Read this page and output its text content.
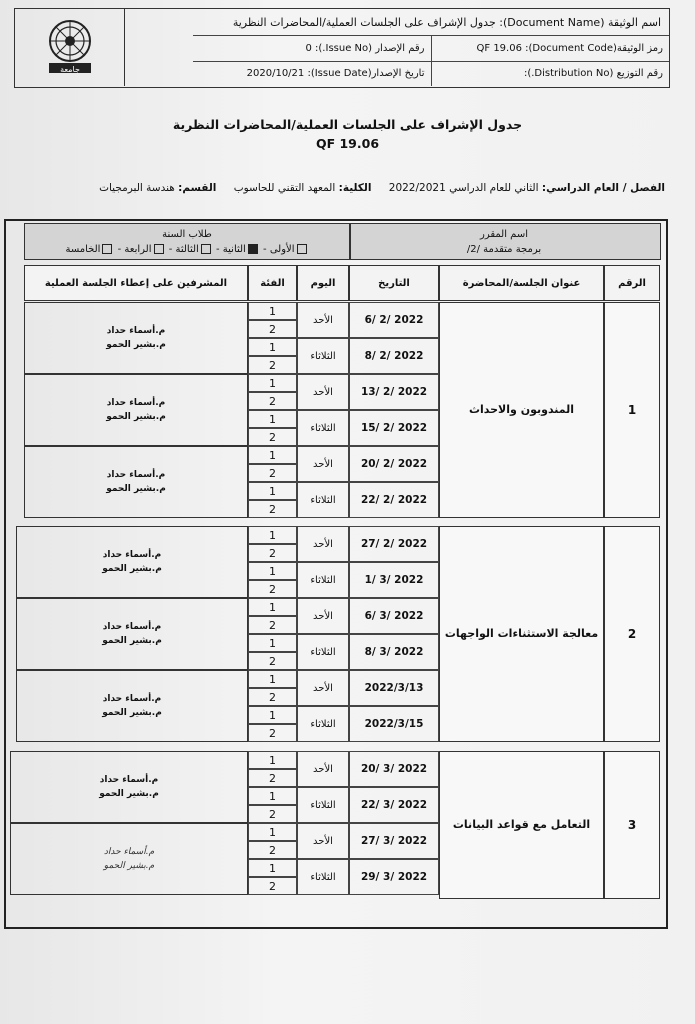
جامعة
اسم الوثيقة (Document Name): جدول الإشراف على الجلسات العملية/المحاضرات النظرية
رمز الوثيقة(Document Code): QF 19.06
رقم الإصدار (Issue No.): 0
رقم التوزيع (Distribution No.):
تاريخ الإصدار(Issue Date): 2020/10/21
جدول الإشراف على الجلسات العملية/المحاضرات النظرية
QF 19.06
الفصل / العام الدراسي: الثاني للعام الدراسي 2022/2021 الكلية: المعهد التقني للحاسوب القسم: هندسة البرمجيات
اسم المقرر
برمجة متقدمة /2/
طلاب السنة
الأولى - الثانية - الثالثة - الرابعة - الخامسة
الرقم
عنوان الجلسة/المحاضرة
التاريخ
اليوم
الفئة
المشرفين على إعطاء الجلسة العملية
1
المندوبون والاحداث
6/ 2/ 2022
الأحد
1
2
8/ 2/ 2022
الثلاثاء
1
2
م.أسماء حداد
م.بشير الحمو
13/ 2/ 2022
الأحد
1
2
15/ 2/ 2022
الثلاثاء
1
2
م.أسماء حداد
م.بشير الحمو
20/ 2/ 2022
الأحد
1
2
22/ 2/ 2022
الثلاثاء
1
2
م.أسماء حداد
م.بشير الحمو
2
معالجة الاستثناءات الواجهات
27/ 2/ 2022
الأحد
1
2
1/ 3/ 2022
الثلاثاء
1
2
م.أسماء حداد
م.بشير الحمو
6/ 3/ 2022
الأحد
1
2
8/ 3/ 2022
الثلاثاء
1
2
م.أسماء حداد
م.بشير الحمو
2022/3/13
الأحد
1
2
2022/3/15
الثلاثاء
1
2
م.أسماء حداد
م.بشير الحمو
3
التعامل مع قواعد البيانات
20/ 3/ 2022
الأحد
1
2
22/ 3/ 2022
الثلاثاء
1
2
م.أسماء حداد
م.بشير الحمو
27/ 3/ 2022
الأحد
1
2
29/ 3/ 2022
الثلاثاء
1
2
م.أسماء حداد
م.بشير الحمو
